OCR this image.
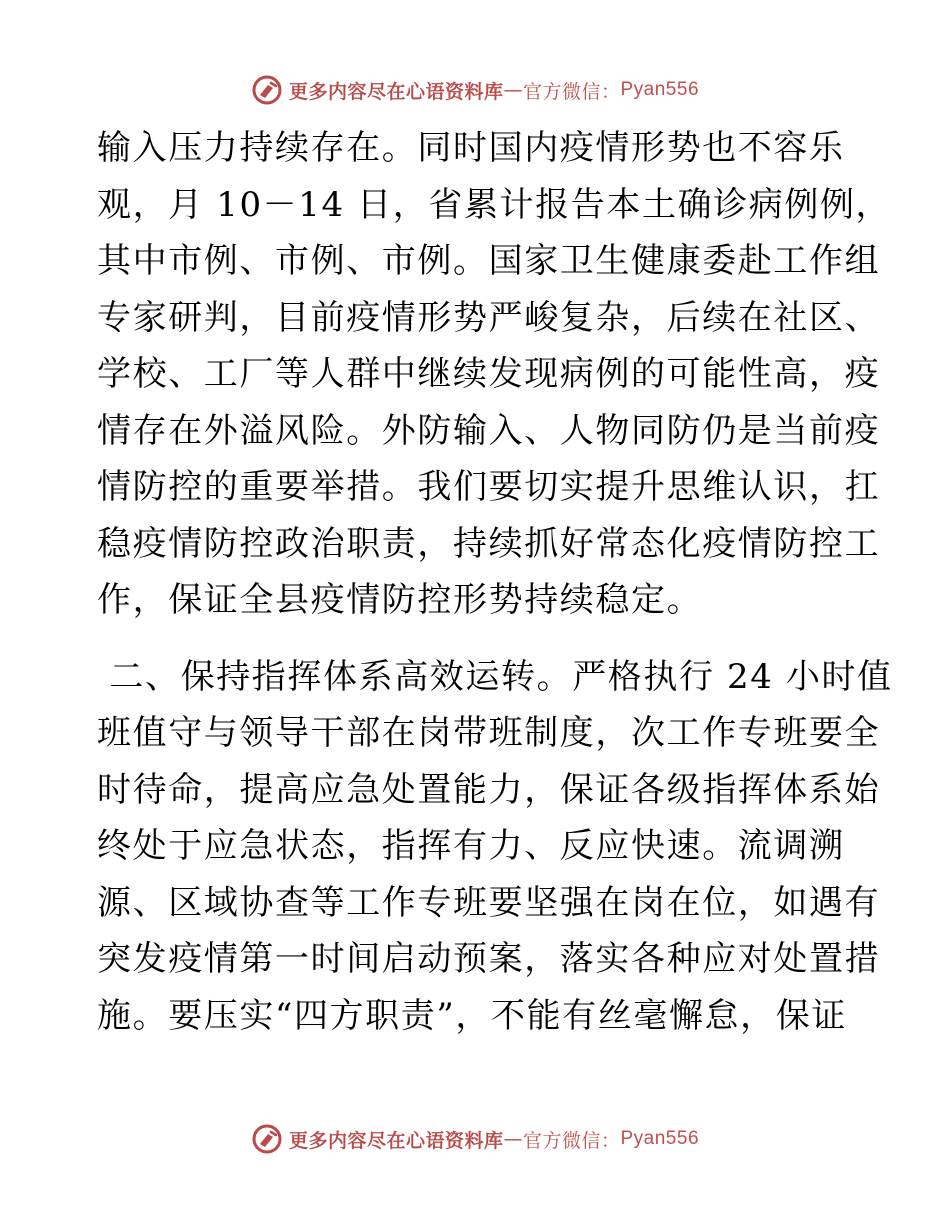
更多内容尽在心语资料库 — 官方微信： Pyan556
输入压力持续存在。同时国内疫情形势也不容乐
观，月 10－14 日，省累计报告本土确诊病例例，
其中市例、市例、市例。国家卫生健康委赴工作组
专家研判，目前疫情形势严峻复杂，后续在社区、
学校、工厂等人群中继续发现病例的可能性高，疫
情存在外溢风险。外防输入、人物同防仍是当前疫
情防控的重要举措。我们要切实提升思维认识，扛
稳疫情防控政治职责，持续抓好常态化疫情防控工
作，保证全县疫情防控形势持续稳定。
二、保持指挥体系高效运转。严格执行 24 小时值
班值守与领导干部在岗带班制度，次工作专班要全
时待命，提高应急处置能力，保证各级指挥体系始
终处于应急状态，指挥有力、反应快速。流调溯
源、区域协查等工作专班要坚强在岗在位，如遇有
突发疫情第一时间启动预案，落实各种应对处置措
施。要压实“四方职责”，不能有丝毫懈怠，保证
更多内容尽在心语资料库 — 官方微信： Pyan556
